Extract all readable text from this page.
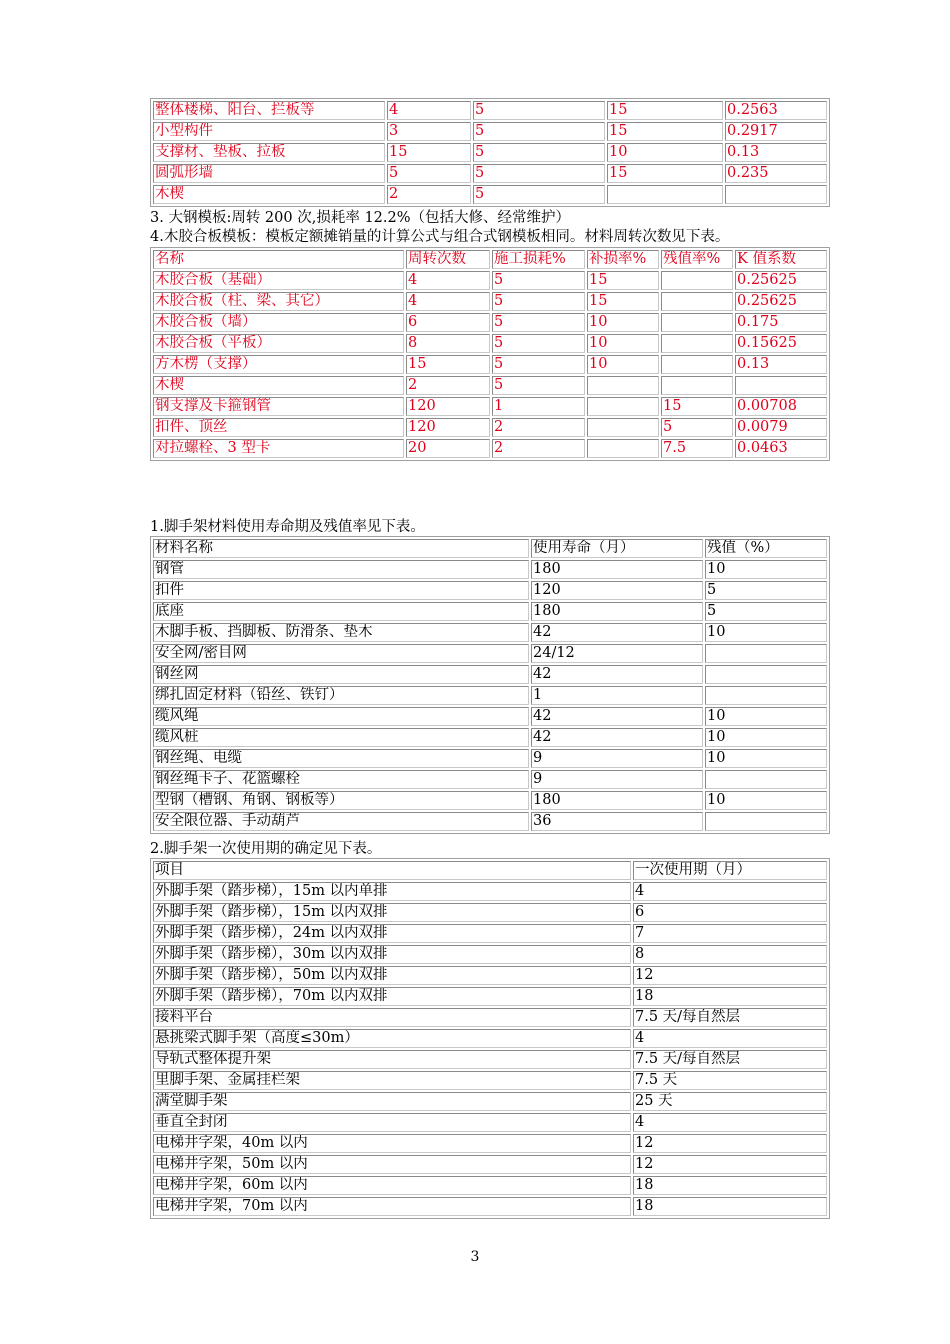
整体楼梯、阳台、拦板等	4	5	15	0.2563
小型构件	3	5	15	0.2917
支撑材、垫板、拉板	15	5	10	0.13
圆弧形墙	5	5	15	0.235
木楔	2	5		
3. 大钢模板:周转 200 次,损耗率 12.2%（包括大修、经常维护）
4.木胶合板模板：模板定额摊销量的计算公式与组合式钢模板相同。材料周转次数见下表。
名称	周转次数	施工损耗%	补损率%	残值率%	K 值系数
木胶合板（基础）	4	5	15		0.25625
木胶合板（柱、梁、其它）	4	5	15		0.25625
木胶合板（墙）	6	5	10		0.175
木胶合板（平板）	8	5	10		0.15625
方木楞（支撑）	15	5	10		0.13
木楔	2	5			
钢支撑及卡箍钢管	120	1		15	0.00708
扣件、顶丝	120	2		5	0.0079
对拉螺栓、3 型卡	20	2		7.5	0.0463
1.脚手架材料使用寿命期及残值率见下表。
材料名称	使用寿命（月）	残值（%）
钢管	180	10
扣件	120	5
底座	180	5
木脚手板、挡脚板、防滑条、垫木	42	10
安全网/密目网	24/12	
钢丝网	42	
绑扎固定材料（铅丝、铁钉）	1	
缆风绳	42	10
缆风桩	42	10
钢丝绳、电缆	9	10
钢丝绳卡子、花篮螺栓	9	
型钢（槽钢、角钢、钢板等）	180	10
安全限位器、手动葫芦	36	
2.脚手架一次使用期的确定见下表。
项目	一次使用期（月）
外脚手架（踏步梯），15m 以内单排	4
外脚手架（踏步梯），15m 以内双排	6
外脚手架（踏步梯），24m 以内双排	7
外脚手架（踏步梯），30m 以内双排	8
外脚手架（踏步梯），50m 以内双排	12
外脚手架（踏步梯），70m 以内双排	18
接料平台	7.5 天/每自然层
悬挑梁式脚手架（高度≤30m）	4
导轨式整体提升架	7.5 天/每自然层
里脚手架、金属挂栏架	7.5 天
满堂脚手架	25 天
垂直全封闭	4
电梯井字架，40m 以内	12
电梯井字架，50m 以内	12
电梯井字架，60m 以内	18
电梯井字架，70m 以内	18
3
